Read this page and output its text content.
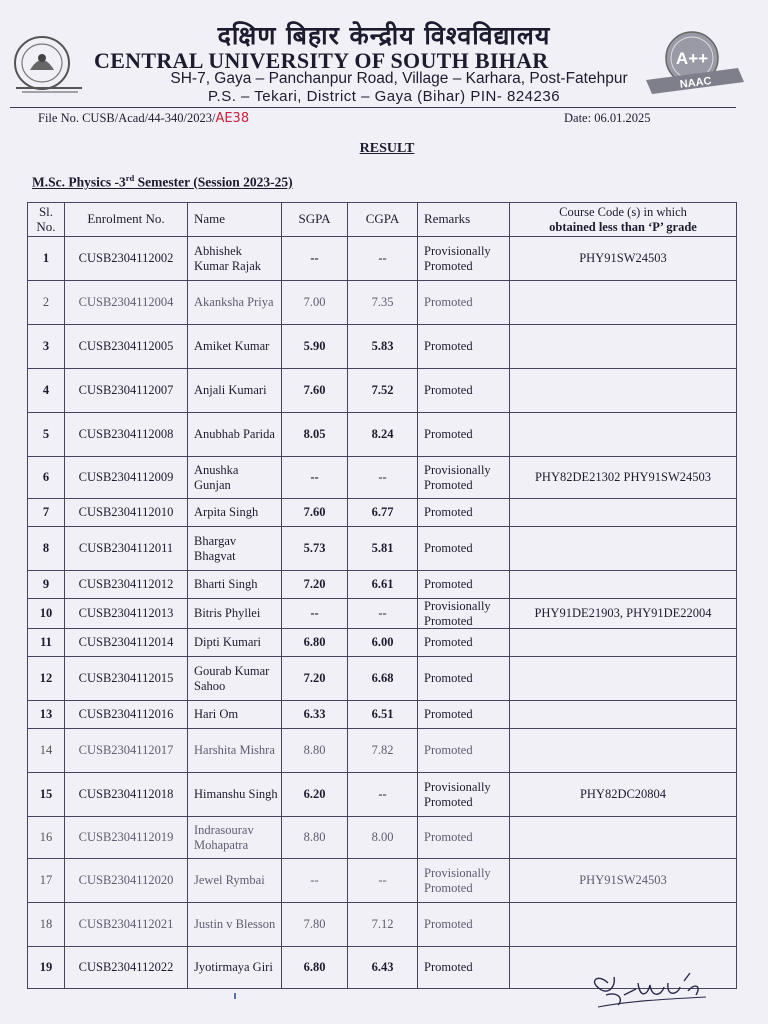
दक्षिण बिहार केन्द्रीय विश्वविद्यालय
CENTRAL UNIVERSITY OF SOUTH BIHAR
SH-7, Gaya – Panchanpur Road, Village – Karhara, Post-Fatehpur
P.S. – Tekari, District – Gaya (Bihar) PIN- 824236
A++
NAAC
File No. CUSB/Acad/44-340/2023/AE38	Date: 06.01.2025
RESULT
M.Sc. Physics -3rd Semester (Session 2023-25)
Sl. No.	Enrolment No.	Name	SGPA	CGPA	Remarks	Course Code (s) in which
obtained less than ‘P’ grade
1	CUSB2304112002	Abhishek Kumar Rajak	--	--	Provisionally Promoted	PHY91SW24503
2	CUSB2304112004	Akanksha Priya	7.00	7.35	Promoted	
3	CUSB2304112005	Amiket Kumar	5.90	5.83	Promoted	
4	CUSB2304112007	Anjali Kumari	7.60	7.52	Promoted	
5	CUSB2304112008	Anubhab Parida	8.05	8.24	Promoted	
6	CUSB2304112009	Anushka Gunjan	--	--	Provisionally Promoted	PHY82DE21302 PHY91SW24503
7	CUSB2304112010	Arpita Singh	7.60	6.77	Promoted	
8	CUSB2304112011	Bhargav Bhagvat	5.73	5.81	Promoted	
9	CUSB2304112012	Bharti Singh	7.20	6.61	Promoted	
10	CUSB2304112013	Bitris Phyllei	--	--	Provisionally Promoted	PHY91DE21903, PHY91DE22004
11	CUSB2304112014	Dipti Kumari	6.80	6.00	Promoted	
12	CUSB2304112015	Gourab Kumar Sahoo	7.20	6.68	Promoted	
13	CUSB2304112016	Hari Om	6.33	6.51	Promoted	
14	CUSB2304112017	Harshita Mishra	8.80	7.82	Promoted	
15	CUSB2304112018	Himanshu Singh	6.20	--	Provisionally Promoted	PHY82DC20804
16	CUSB2304112019	Indrasourav Mohapatra	8.80	8.00	Promoted	
17	CUSB2304112020	Jewel Rymbai	--	--	Provisionally Promoted	PHY91SW24503
18	CUSB2304112021	Justin v Blesson	7.80	7.12	Promoted	
19	CUSB2304112022	Jyotirmaya Giri	6.80	6.43	Promoted	
